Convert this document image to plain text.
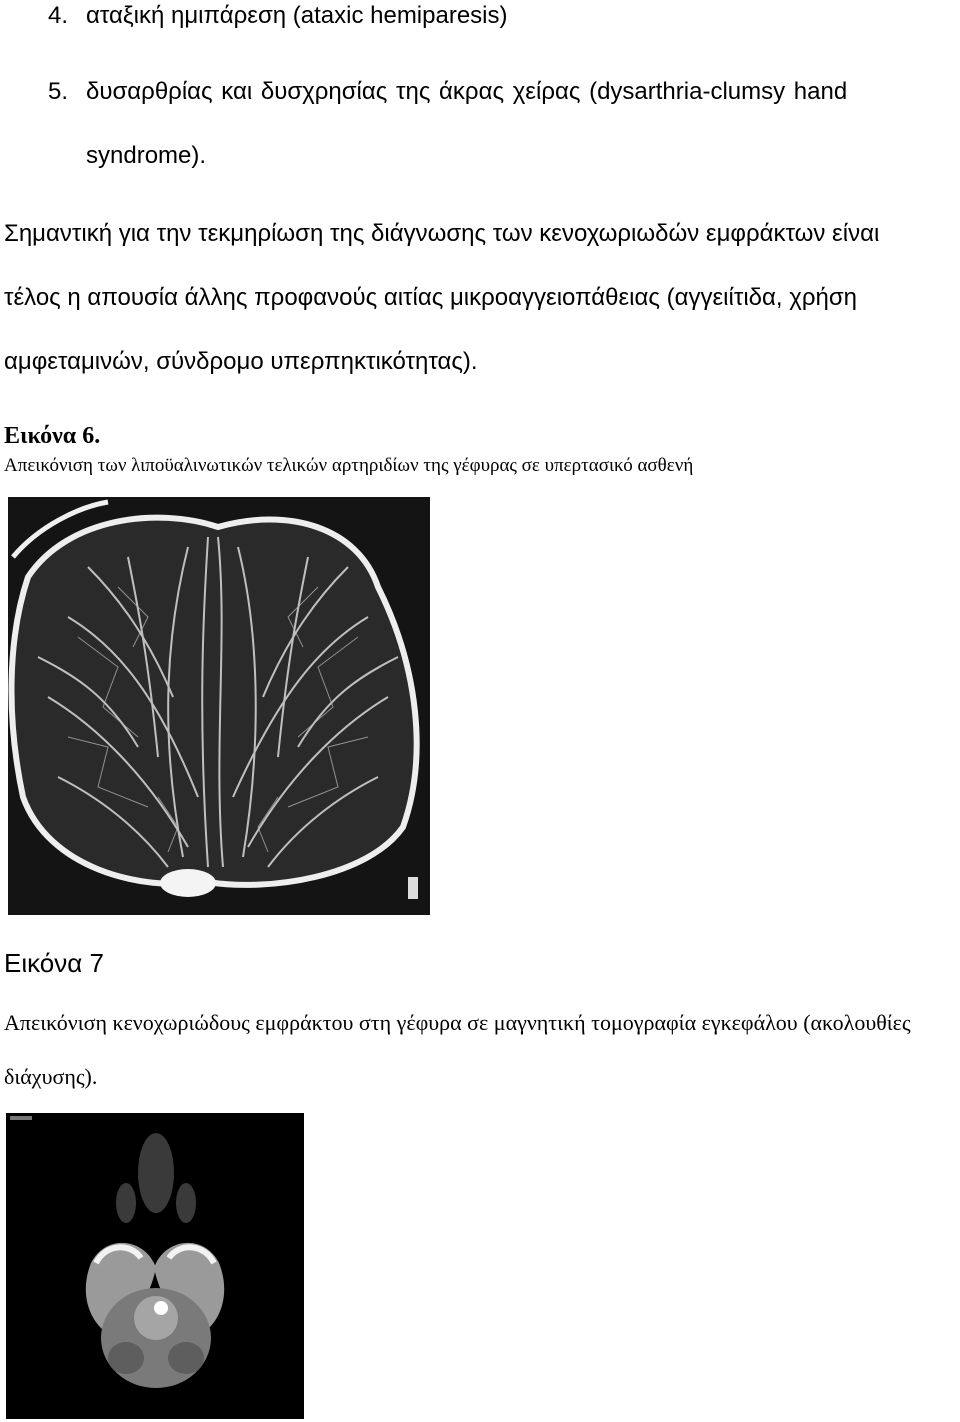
4. αταξική ημιπάρεση (ataxic hemiparesis)
5. δυσαρθρίας και δυσχρησίας της άκρας χείρας (dysarthria-clumsy hand
syndrome).
Σημαντική για την τεκμηρίωση της διάγνωσης των κενοχωριωδών εμφράκτων είναι
τέλος η απουσία άλλης προφανούς αιτίας μικροαγγειοπάθειας (αγγειίτιδα, χρήση
αμφεταμινών, σύνδρομο υπερπηκτικότητας).
Εικόνα 6.
Απεικόνιση των λιποϋαλινωτικών τελικών αρτηριδίων της γέφυρας σε υπερτασικό ασθενή
Εικόνα 7
Απεικόνιση κενοχωριώδους εμφράκτου στη γέφυρα σε μαγνητική τομογραφία εγκεφάλου (ακολουθίες
διάχυσης).
